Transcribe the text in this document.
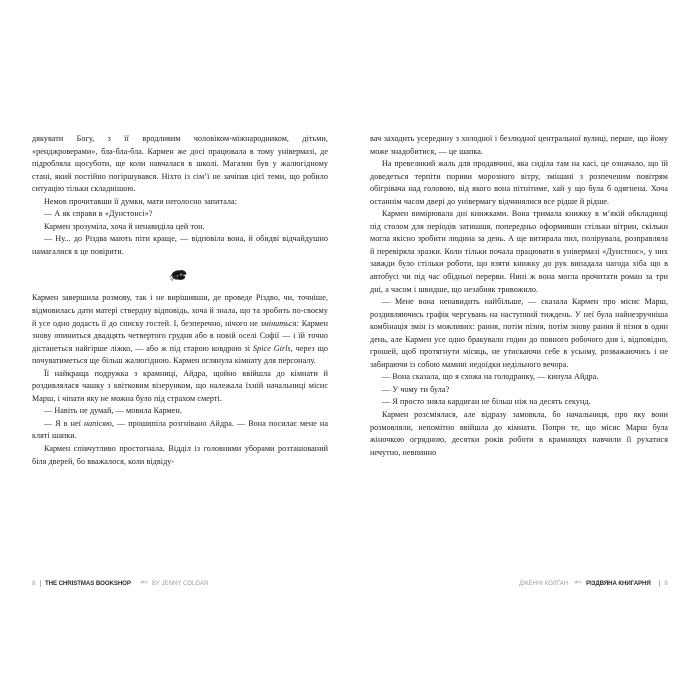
дякувати Богу, з її вродливим чоловіком-міжнародником, дітьми, «ренджроверами», бла-бла-бла. Кармен же досі працювала в тому універмазі, де підробляла щосуботи, ще коли навчалася в школі. Магазин був у жалюгідному стані, який постійно погіршувався. Ніхто із сім’ї не зачіпав цієї теми, що робило ситуацію тільки складнішою.

Немов прочитавши її думки, мати неголосно запитала:

— А як справи в «Дунстонсі»?

Кармен зрозуміла, хоча й ненавиділа цей тон.

— Ну... до Різдва мають піти краще, — відповіла вона, й обидві відчайдушно намагалися в це повірити.

Кармен завершила розмову, так і не вирішивши, де проведе Різдво, чи, точніше, відмовилась дати матері ствердну відповідь, хоча й знала, що та зробить по-своєму й усе одно додасть її до списку гостей. І, безперечно, нічого не зміниться: Кармен знову опиниться двадцять четвертого грудня або в новій оселі Софії — і їй точно дістанеться найгірше ліжко, — або ж під старою ковдрою зі Spice Girls, через що почуватиметься ще більш жалюгідною. Кармен оглянула кімнату для персоналу.

Її найкраща подружка з крамниці, Айдра, щойно ввійшла до кімнати й роздивлялася чашку з квітковим візерунком, що належала їхній начальниці місис Марш, і чіпати яку не можна було під страхом смерті.

— Навіть не думай, — мовила Кармен.

— Я в неї напісяю, — прошипіла розгнівано Айдра. — Вона посилає мене на кляті шапки.

Кармен співчутливо простогнала. Відділ із головними уборами розташований біля дверей, бо вважалося, коли відвіду-

8 THE CHRISTMAS BOOKSHOP	BY JENNY COLGAN

вач заходить усередину з холодної і безлюдної центральної вулиці, перше, що йому може знадобитися, — це шапка.

На превеликий жаль для продавчині, яка сиділа там на касі, це означало, що їй доведеться терпіти пориви морозного вітру, змішані з розпеченим повітрям обігрівача над головою, від якого вона пітнітиме, хай у що була б одягнена. Хоча останнім часом двері до універмагу відчинялися все рідше й рідше.

Кармен вимірювала дні книжками. Вона тримала книжку в м’якій обкладинці під столом для періодів затишшя, попередньо оформивши стільки вітрин, скільки могла якісно зробити людина за день. А ще витирала пил, полірувала, розправляла й перевіряла зразки. Коли тільки почала працювати в універмазі «Дунстонс», у них завжди було стільки роботи, що взяти книжку до рук випадала нагода хіба що в автобусі чи під час обідньої перерви. Нині ж вона могла прочитати роман за три дні, а часом і швидше, що незабияк тривожило.

— Мене вона ненавидить найбільше, — сказала Кармен про місис Марш, роздивляючись графік чергувань на наступний тиждень. У неї була найнезручніша комбінація змін із можливих: рання, потім пізня, потім знову рання й пізня в один день, але Кармен усе одно бракувало годин до повного робочого дня і, відповідно, грошей, щоб протягнути місяць, не утискаючи себе в усьому, розважаючись і не забираючи із собою мамині недоїдки недільного вечора.

— Вона сказала, що я схожа на голодранку, — кинула Айдра.

— У чому ти була?

— Я просто зняла кардиган не більш ніж на десять секунд.

Кармен розсміялася, але відразу замовкла, бо начальниця, про яку вони розмовляли, непомітно ввійшла до кімнати. Попри те, що місис Марш була жіночкою огрядною, десятки років роботи в крамницях навчили її рухатися нечутно, невпинно

ДЖЕННІ КОЛҐАН	РІЗДВЯНА КНИГАРНЯ 9
